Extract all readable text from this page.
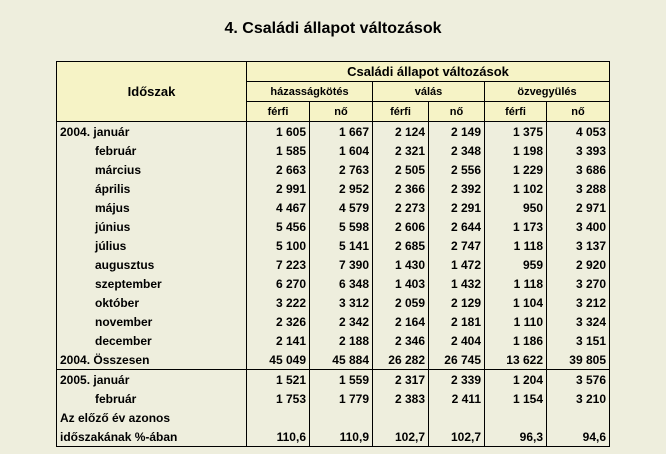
4. Családi állapot változások
Időszak	Családi állapot változások					
	házasságkötés		válás		özvegyülés	
	férfi	nő	férfi	nő	férfi	nő
2004. január	1 605	1 667	2 124	2 149	1 375	4 053
február	1 585	1 604	2 321	2 348	1 198	3 393
március	2 663	2 763	2 505	2 556	1 229	3 686
április	2 991	2 952	2 366	2 392	1 102	3 288
május	4 467	4 579	2 273	2 291	950	2 971
június	5 456	5 598	2 606	2 644	1 173	3 400
július	5 100	5 141	2 685	2 747	1 118	3 137
augusztus	7 223	7 390	1 430	1 472	959	2 920
szeptember	6 270	6 348	1 403	1 432	1 118	3 270
október	3 222	3 312	2 059	2 129	1 104	3 212
november	2 326	2 342	2 164	2 181	1 110	3 324
december	2 141	2 188	2 346	2 404	1 186	3 151
2004. Összesen	45 049	45 884	26 282	26 745	13 622	39 805
2005. január	1 521	1 559	2 317	2 339	1 204	3 576
február	1 753	1 779	2 383	2 411	1 154	3 210
Az előző év azonos						
időszakának %-ában	110,6	110,9	102,7	102,7	96,3	94,6
